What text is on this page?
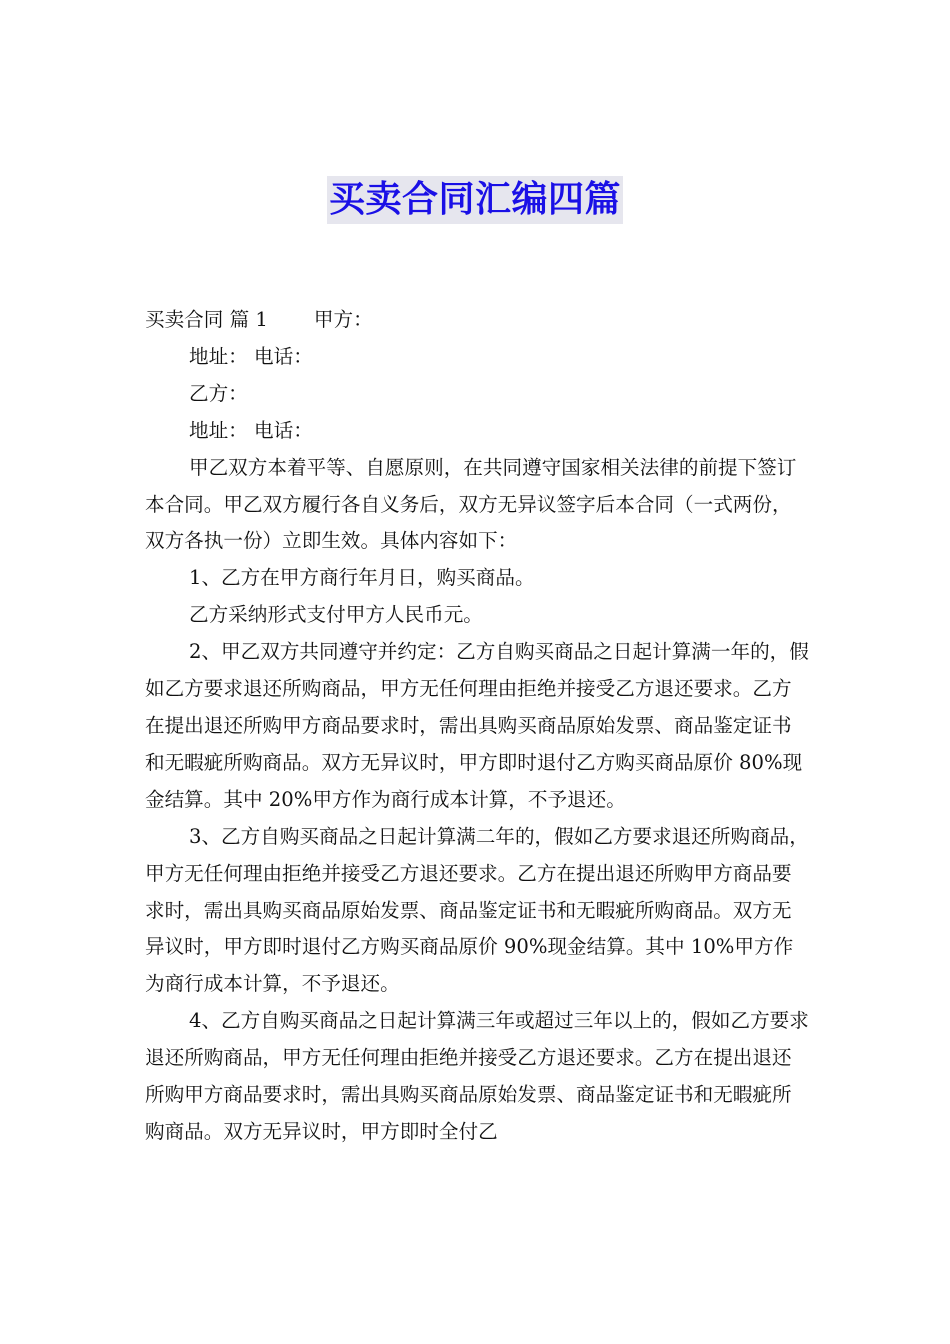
买卖合同汇编四篇

买卖合同 篇 1 甲方：

地址： 电话：

乙方：

地址： 电话：

甲乙双方本着平等、自愿原则，在共同遵守国家相关法律的前提下签订本合同。甲乙双方履行各自义务后，双方无异议签字后本合同（一式两份，双方各执一份）立即生效。具体内容如下：

1、乙方在甲方商行年月日，购买商品。

乙方采纳形式支付甲方人民币元。

2、甲乙双方共同遵守并约定：乙方自购买商品之日起计算满一年的，假如乙方要求退还所购商品，甲方无任何理由拒绝并接受乙方退还要求。乙方在提出退还所购甲方商品要求时，需出具购买商品原始发票、商品鉴定证书和无暇疵所购商品。双方无异议时，甲方即时退付乙方购买商品原价 80%现金结算。其中 20%甲方作为商行成本计算，不予退还。

3、乙方自购买商品之日起计算满二年的，假如乙方要求退还所购商品，甲方无任何理由拒绝并接受乙方退还要求。乙方在提出退还所购甲方商品要求时，需出具购买商品原始发票、商品鉴定证书和无暇疵所购商品。双方无异议时，甲方即时退付乙方购买商品原价 90%现金结算。其中 10%甲方作为商行成本计算，不予退还。

4、乙方自购买商品之日起计算满三年或超过三年以上的，假如乙方要求退还所购商品，甲方无任何理由拒绝并接受乙方退还要求。乙方在提出退还所购甲方商品要求时，需出具购买商品原始发票、商品鉴定证书和无暇疵所购商品。双方无异议时，甲方即时全付乙
